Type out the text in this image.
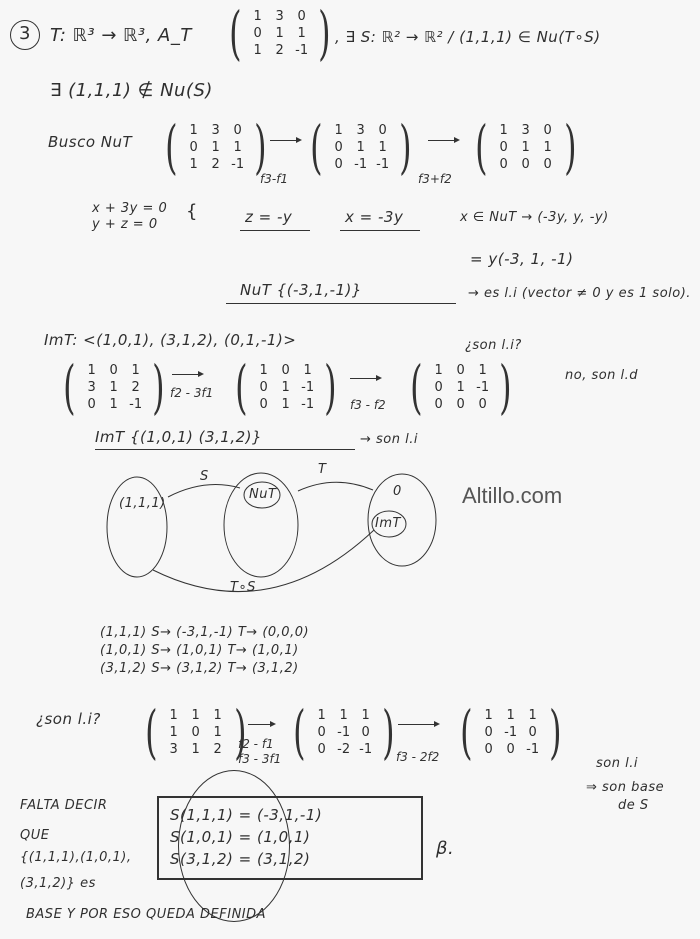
3 T: ℝ³ → ℝ³, A_T ( 1	3	0
0	1	1
1	2 -1 ) , ∃ S: ℝ² → ℝ² / (1,1,1) ∈ Nu(T∘S)
∃ (1,1,1) ∉ Nu(S)
Busco NuT ( 1	3	0
0	1	1
1	2 -1 )
f3-f1 ( 1	3	0
0	1	1
0 -1 -1 ) f3+f2 ( 1	3	0
0	1	1
0	0	0 )
x + 3y = 0
y + z = 0
{	z = -y	x = -3y	x ∈ NuT → (-3y, y, -y)
= y(-3, 1, -1)
NuT {(-3,1,-1)}	→ es l.i (vector ≠ 0 y es 1 solo).
ImT: <(1,0,1), (3,1,2), (0,1,-1)>	¿son l.i?
( 1	0	1
3	1	2
0	1 -1 ) f2 - 3f1 ( 1	0	1
0	1 -1
0	1 -1 ) f3 - f2 ( 1	0	1
0	1 -1
0	0	0 )	no, son l.d
ImT {(1,0,1) (3,1,2)}	→ son l.i
(1,1,1)
NuT	0
ImT
S	T
T∘S
Altillo.com
(1,1,1) S→ (-3,1,-1) T→ (0,0,0)
(1,0,1) S→ (1,0,1) T→ (1,0,1)
(3,1,2) S→ (3,1,2) T→ (3,1,2)
¿son l.i? ( 1	1	1
1	0	1
3	1	2 )
f2 - f1
f3 - 3f1 ( 1	1	1
0 -1 0
0 -2 -1 ) f3 - 2f2 ( 1	1	1
0 -1 0
0	0 -1 )	son l.i
⇒ son base
de S
FALTA DECIR
QUE
{(1,1,1),(1,0,1),
(3,1,2)} es
BASE Y POR ESO QUEDA DEFINIDA
S(1,1,1) = (-3,1,-1)
S(1,0,1) = (1,0,1)
S(3,1,2) = (3,1,2)	β.
